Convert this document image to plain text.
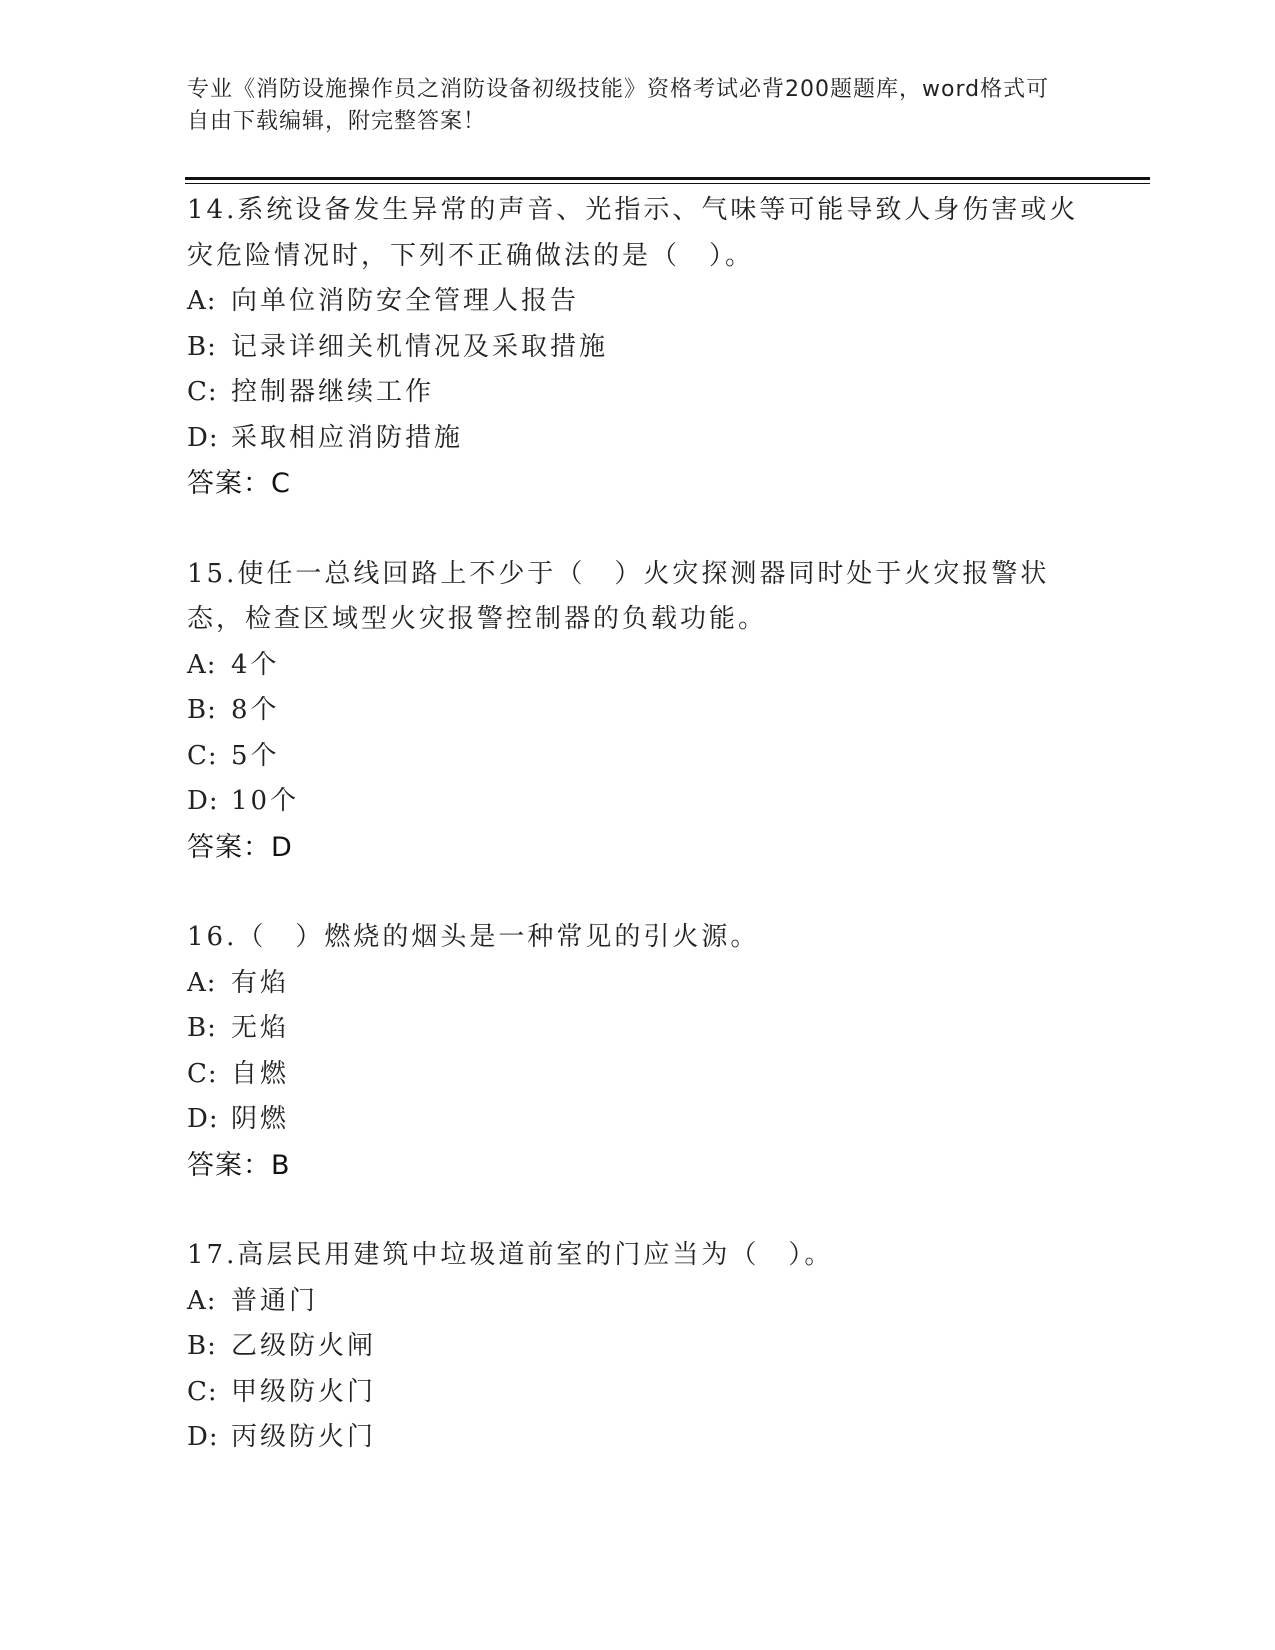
专业《消防设施操作员之消防设备初级技能》资格考试必背200题题库，word格式可自由下载编辑，附完整答案！
14.系统设备发生异常的声音、光指示、气味等可能导致人身伤害或火灾危险情况时，下列不正确做法的是（　）。
A: 向单位消防安全管理人报告
B: 记录详细关机情况及采取措施
C: 控制器继续工作
D: 采取相应消防措施
答案：C
15.使任一总线回路上不少于（　）火灾探测器同时处于火灾报警状态，检查区域型火灾报警控制器的负载功能。
A: 4个
B: 8个
C: 5个
D: 10个
答案：D
16.（　）燃烧的烟头是一种常见的引火源。
A: 有焰
B: 无焰
C: 自燃
D: 阴燃
答案：B
17.高层民用建筑中垃圾道前室的门应当为（　）。
A: 普通门
B: 乙级防火闸
C: 甲级防火门
D: 丙级防火门
